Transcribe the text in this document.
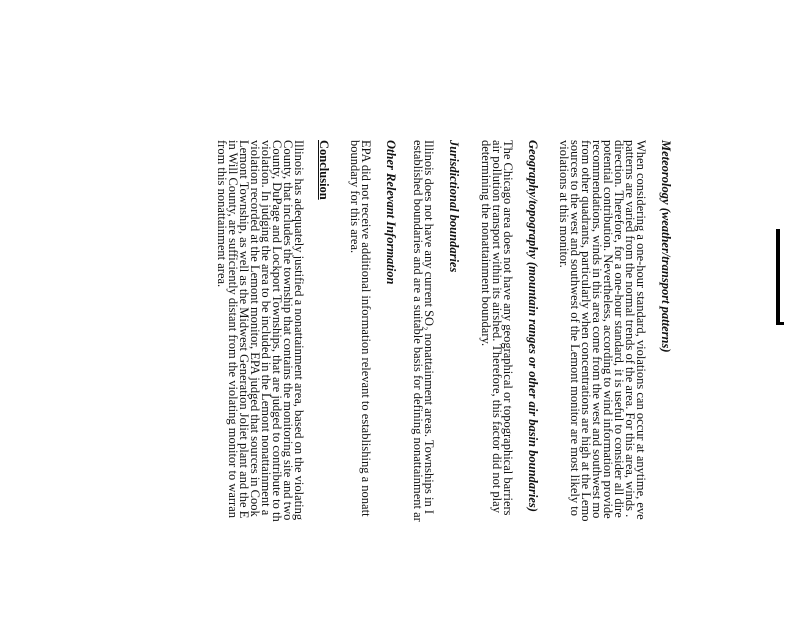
Meteorology (weather/transport patterns)
When considering a one-hour standard, violations can occur at anytime, eve
patterns are varied from the normal trends of the area. For this area, winds .
direction. Therefore, for a one-hour standard, it is useful to consider all dire
potential contribution. Nevertheless, according to wind information provide
recommendations, winds in this area come from the west and southwest mo
from other quadrants, particularly when concentrations are high at the Lemo
sources to the west and southwest of the Lemont monitor are most likely to
violations at this monitor.
Geography/topography (mountain ranges or other air basin boundaries)
The Chicago area does not have any geographical or topographical barriers
air pollution transport within its airshed. Therefore, this factor did not play
determining the nonattainment boundary.
Jurisdictional boundaries
Illinois does not have any current SO₂ nonattainment areas. Townships in I
established boundaries and are a suitable basis for defining nonattainment ar
Other Relevant Information
EPA did not receive additional information relevant to establishing a nonatt
boundary for this area.
Conclusion
Illinois has adequately justified a nonattainment area, based on the violating
County, that includes the township that contains the monitoring site and two
County, DuPage and Lockport Townships, that are judged to contribute to th
violation. In judging the area to be included in the Lemont nonattainment a
violation recorded at the Lemont monitor, EPA judged that sources in Cook
Lemont Township, as well as the Midwest Generation Joliet plant and the E
in Will County, are sufficiently distant from the violating monitor to warran
from this nonattainment area.
